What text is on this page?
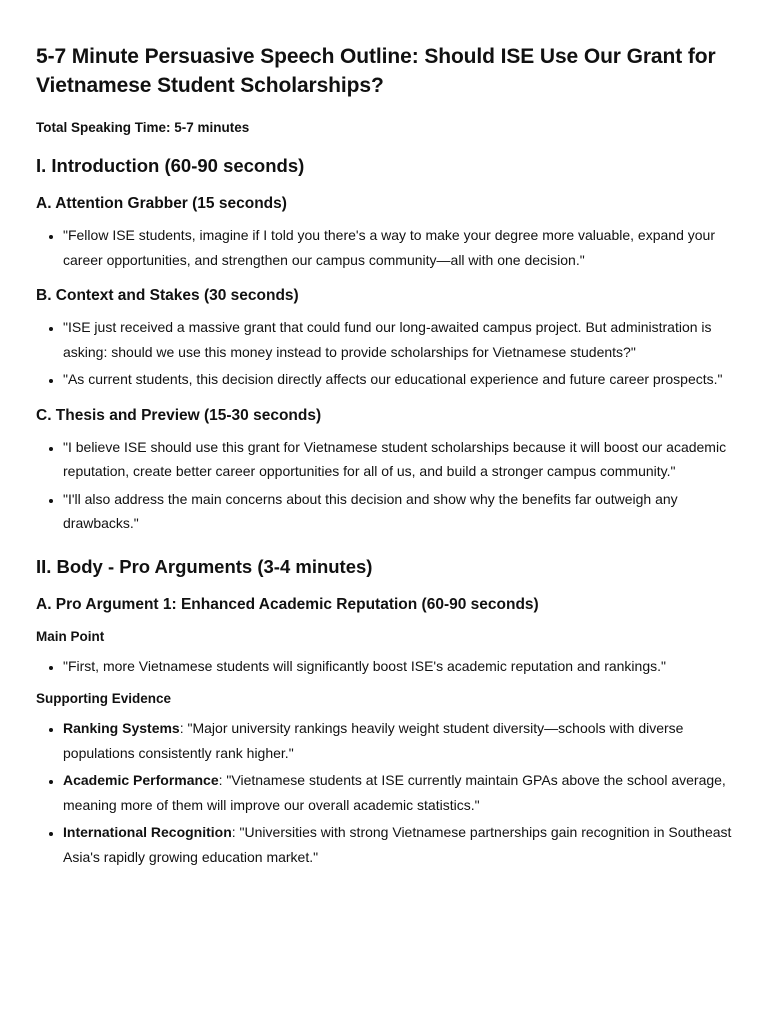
5-7 Minute Persuasive Speech Outline: Should ISE Use Our Grant for Vietnamese Student Scholarships?
Total Speaking Time: 5-7 minutes
I. Introduction (60-90 seconds)
A. Attention Grabber (15 seconds)
• "Fellow ISE students, imagine if I told you there's a way to make your degree more valuable, expand your career opportunities, and strengthen our campus community—all with one decision."
B. Context and Stakes (30 seconds)
• "ISE just received a massive grant that could fund our long-awaited campus project. But administration is asking: should we use this money instead to provide scholarships for Vietnamese students?"
• "As current students, this decision directly affects our educational experience and future career prospects."
C. Thesis and Preview (15-30 seconds)
• "I believe ISE should use this grant for Vietnamese student scholarships because it will boost our academic reputation, create better career opportunities for all of us, and build a stronger campus community."
• "I'll also address the main concerns about this decision and show why the benefits far outweigh any drawbacks."
II. Body - Pro Arguments (3-4 minutes)
A. Pro Argument 1: Enhanced Academic Reputation (60-90 seconds)
Main Point
• "First, more Vietnamese students will significantly boost ISE's academic reputation and rankings."
Supporting Evidence
• Ranking Systems: "Major university rankings heavily weight student diversity—schools with diverse populations consistently rank higher."
• Academic Performance: "Vietnamese students at ISE currently maintain GPAs above the school average, meaning more of them will improve our overall academic statistics."
• International Recognition: "Universities with strong Vietnamese partnerships gain recognition in Southeast Asia's rapidly growing education market."
